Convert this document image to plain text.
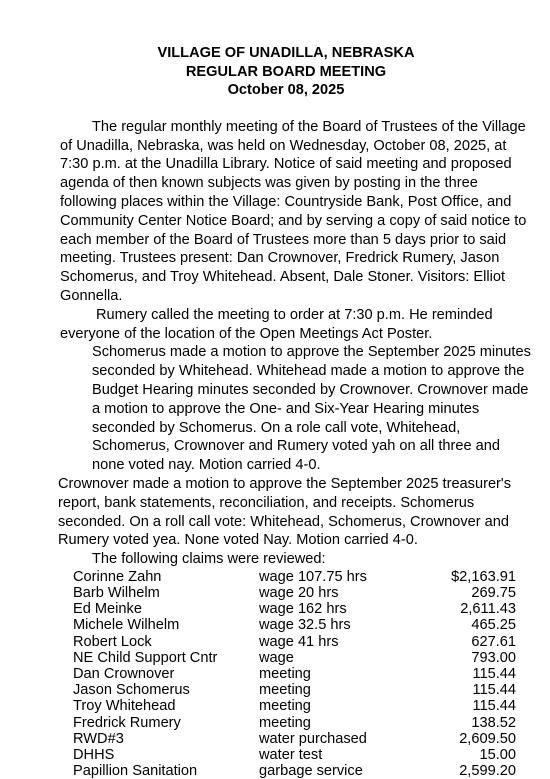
VILLAGE OF UNADILLA, NEBRASKA
REGULAR BOARD MEETING
October 08, 2025
The regular monthly meeting of the Board of Trustees of the Village of Unadilla, Nebraska, was held on Wednesday, October 08, 2025, at 7:30 p.m. at the Unadilla Library. Notice of said meeting and proposed agenda of then known subjects was given by posting in the three following places within the Village: Countryside Bank, Post Office, and Community Center Notice Board; and by serving a copy of said notice to each member of the Board of Trustees more than 5 days prior to said meeting. Trustees present: Dan Crownover, Fredrick Rumery, Jason Schomerus, and Troy Whitehead. Absent, Dale Stoner. Visitors: Elliot Gonnella.
Rumery called the meeting to order at 7:30 p.m. He reminded everyone of the location of the Open Meetings Act Poster.
Schomerus made a motion to approve the September 2025 minutes seconded by Whitehead. Whitehead made a motion to approve the Budget Hearing minutes seconded by Crownover. Crownover made a motion to approve the One- and Six-Year Hearing minutes seconded by Schomerus. On a role call vote, Whitehead, Schomerus, Crownover and Rumery voted yah on all three and none voted nay. Motion carried 4-0.
Crownover made a motion to approve the September 2025 treasurer's report, bank statements, reconciliation, and receipts. Schomerus seconded. On a roll call vote: Whitehead, Schomerus, Crownover and Rumery voted yea. None voted Nay. Motion carried 4-0.
The following claims were reviewed:
Corinne Zahn	wage 107.75 hrs	$2,163.91
Barb Wilhelm	wage 20 hrs	269.75
Ed Meinke	wage 162 hrs	2,611.43
Michele Wilhelm	wage 32.5 hrs	465.25
Robert Lock	wage 41 hrs	627.61
NE Child Support Cntr	wage	793.00
Dan Crownover	meeting	115.44
Jason Schomerus	meeting	115.44
Troy Whitehead	meeting	115.44
Fredrick Rumery	meeting	138.52
RWD#3	water purchased	2,609.50
DHHS	water test	15.00
Papillion Sanitation	garbage service	2,599.20
